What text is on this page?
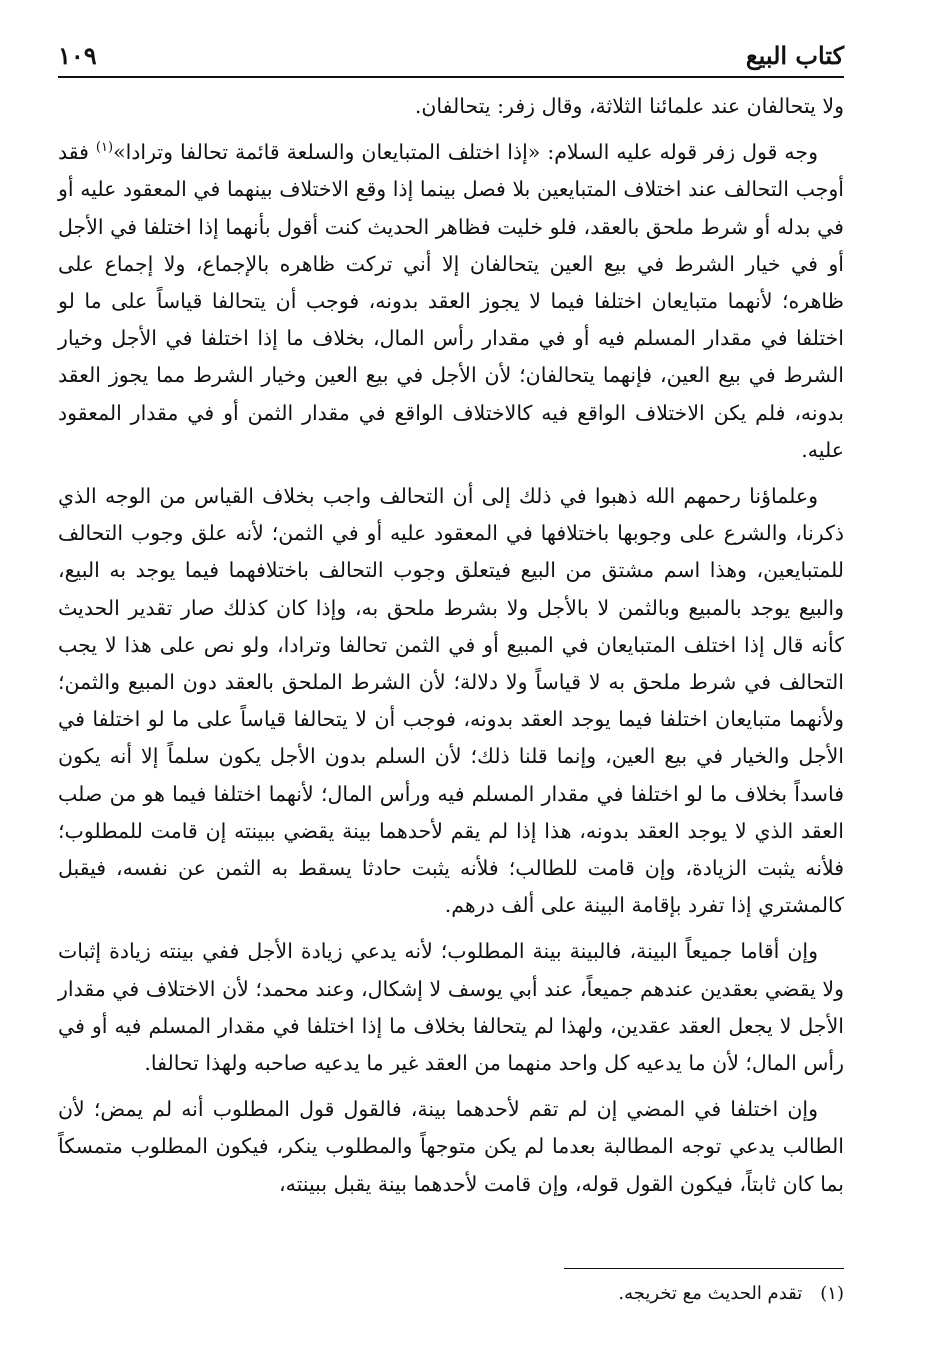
كتاب البيع
١٠٩

ولا يتحالفان عند علمائنا الثلاثة، وقال زفر: يتحالفان.

وجه قول زفر قوله عليه السلام: «إذا اختلف المتبايعان والسلعة قائمة تحالفا وترادا»$^{(١)}$ فقد أوجب التحالف عند اختلاف المتبايعين بلا فصل بينما إذا وقع الاختلاف بينهما في المعقود عليه أو في بدله أو شرط ملحق بالعقد، فلو خليت فظاهر الحديث كنت أقول بأنهما إذا اختلفا في الأجل أو في خيار الشرط في بيع العين يتحالفان إلا أني تركت ظاهره بالإجماع، ولا إجماع على ظاهره؛ لأنهما متبايعان اختلفا فيما لا يجوز العقد بدونه، فوجب أن يتحالفا قياساً على ما لو اختلفا في مقدار المسلم فيه أو في مقدار رأس المال، بخلاف ما إذا اختلفا في الأجل وخيار الشرط في بيع العين، فإنهما يتحالفان؛ لأن الأجل في بيع العين وخيار الشرط مما يجوز العقد بدونه، فلم يكن الاختلاف الواقع فيه كالاختلاف الواقع في مقدار الثمن أو في مقدار المعقود عليه.

وعلماؤنا رحمهم الله ذهبوا في ذلك إلى أن التحالف واجب بخلاف القياس من الوجه الذي ذكرنا، والشرع على وجوبها باختلافها في المعقود عليه أو في الثمن؛ لأنه علق وجوب التحالف للمتبايعين، وهذا اسم مشتق من البيع فيتعلق وجوب التحالف باختلافهما فيما يوجد به البيع، والبيع يوجد بالمبيع وبالثمن لا بالأجل ولا بشرط ملحق به، وإذا كان كذلك صار تقدير الحديث كأنه قال إذا اختلف المتبايعان في المبيع أو في الثمن تحالفا وترادا، ولو نص على هذا لا يجب التحالف في شرط ملحق به لا قياساً ولا دلالة؛ لأن الشرط الملحق بالعقد دون المبيع والثمن؛ ولأنهما متبايعان اختلفا فيما يوجد العقد بدونه، فوجب أن لا يتحالفا قياساً على ما لو اختلفا في الأجل والخيار في بيع العين، وإنما قلنا ذلك؛ لأن السلم بدون الأجل يكون سلماً إلا أنه يكون فاسداً بخلاف ما لو اختلفا في مقدار المسلم فيه ورأس المال؛ لأنهما اختلفا فيما هو من صلب العقد الذي لا يوجد العقد بدونه، هذا إذا لم يقم لأحدهما بينة يقضي ببينته إن قامت للمطلوب؛ فلأنه يثبت الزيادة، وإن قامت للطالب؛ فلأنه يثبت حادثا يسقط به الثمن عن نفسه، فيقبل كالمشتري إذا تفرد بإقامة البينة على ألف درهم.

وإن أقاما جميعاً البينة، فالبينة بينة المطلوب؛ لأنه يدعي زيادة الأجل ففي بينته زيادة إثبات ولا يقضي بعقدين عندهم جميعاً، عند أبي يوسف لا إشكال، وعند محمد؛ لأن الاختلاف في مقدار الأجل لا يجعل العقد عقدين، ولهذا لم يتحالفا بخلاف ما إذا اختلفا في مقدار المسلم فيه أو في رأس المال؛ لأن ما يدعيه كل واحد منهما من العقد غير ما يدعيه صاحبه ولهذا تحالفا.

وإن اختلفا في المضي إن لم تقم لأحدهما بينة، فالقول قول المطلوب أنه لم يمض؛ لأن الطالب يدعي توجه المطالبة بعدما لم يكن متوجهاً والمطلوب ينكر، فيكون المطلوب متمسكاً بما كان ثابتاً، فيكون القول قوله، وإن قامت لأحدهما بينة يقبل ببينته،

(١)
تقدم الحديث مع تخريجه.
